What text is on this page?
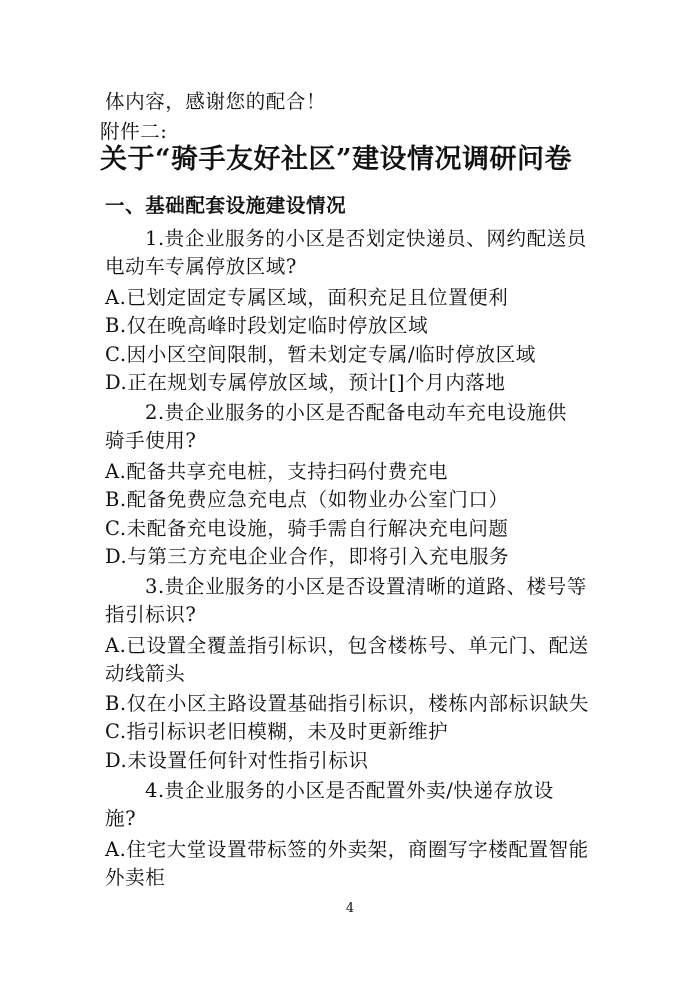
体内容，感谢您的配合！
附件二:
关于“骑手友好社区”建设情况调研问卷
一、基础配套设施建设情况
1.贵企业服务的小区是否划定快递员、网约配送员
电动车专属停放区域?
A.已划定固定专属区域，面积充足且位置便利
B.仅在晚高峰时段划定临时停放区域
C.因小区空间限制，暂未划定专属/临时停放区域
D.正在规划专属停放区域，预计[]个月内落地
2.贵企业服务的小区是否配备电动车充电设施供
骑手使用?
A.配备共享充电桩，支持扫码付费充电
B.配备免费应急充电点（如物业办公室门口）
C.未配备充电设施，骑手需自行解决充电问题
D.与第三方充电企业合作，即将引入充电服务
3.贵企业服务的小区是否设置清晰的道路、楼号等
指引标识?
A.已设置全覆盖指引标识，包含楼栋号、单元门、配送
动线箭头
B.仅在小区主路设置基础指引标识，楼栋内部标识缺失
C.指引标识老旧模糊，未及时更新维护
D.未设置任何针对性指引标识
4.贵企业服务的小区是否配置外卖/快递存放设
施?
A.住宅大堂设置带标签的外卖架，商圈写字楼配置智能
外卖柜
4
